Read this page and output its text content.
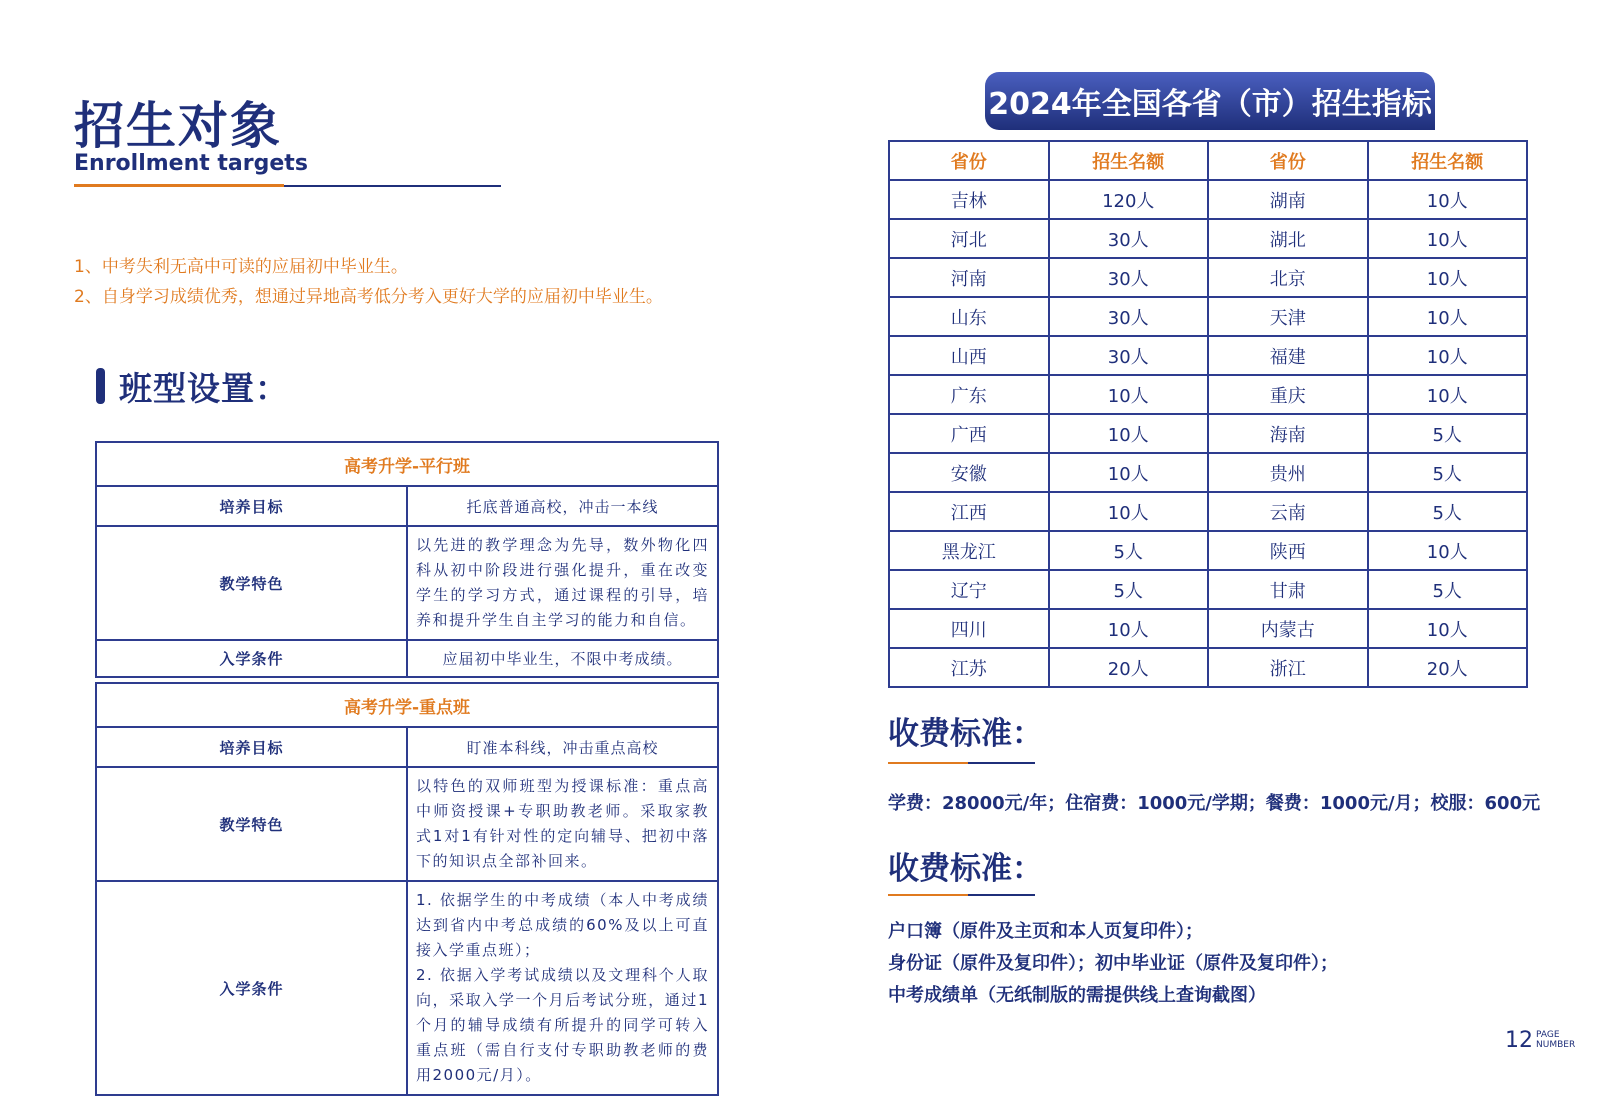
招生对象
Enrollment targets
1、中考失利无高中可读的应届初中毕业生。
2、自身学习成绩优秀，想通过异地高考低分考入更好大学的应届初中毕业生。
班型设置：
高考升学-平行班	
培养目标	托底普通高校，冲击一本线
教学特色	以先进的教学理念为先导，数外物化四科从初中阶段进行强化提升，重在改变学生的学习方式，通过课程的引导，培养和提升学生自主学习的能力和自信。
入学条件	应届初中毕业生，不限中考成绩。
高考升学-重点班	
培养目标	盯准本科线，冲击重点高校
教学特色	以特色的双师班型为授课标准：重点高中师资授课+专职助教老师。采取家教式1对1有针对性的定向辅导、把初中落下的知识点全部补回来。
入学条件	1. 依据学生的中考成绩（本人中考成绩达到省内中考总成绩的60%及以上可直接入学重点班）；
2. 依据入学考试成绩以及文理科个人取向，采取入学一个月后考试分班，通过1个月的辅导成绩有所提升的同学可转入重点班（需自行支付专职助教老师的费用2000元/月）。
2024年全国各省（市）招生指标
省份	招生名额	省份	招生名额
吉林	120人	湖南	10人
河北	30人	湖北	10人
河南	30人	北京	10人
山东	30人	天津	10人
山西	30人	福建	10人
广东	10人	重庆	10人
广西	10人	海南	5人
安徽	10人	贵州	5人
江西	10人	云南	5人
黑龙江	5人	陕西	10人
辽宁	5人	甘肃	5人
四川	10人	内蒙古	10人
江苏	20人	浙江	20人
收费标准：
学费：28000元/年；住宿费：1000元/学期；餐费：1000元/月；校服：600元
收费标准：
户口簿（原件及主页和本人页复印件）；
身份证（原件及复印件）；初中毕业证（原件及复印件）；
中考成绩单（无纸制版的需提供线上查询截图）
12 PAGE
NUMBER
